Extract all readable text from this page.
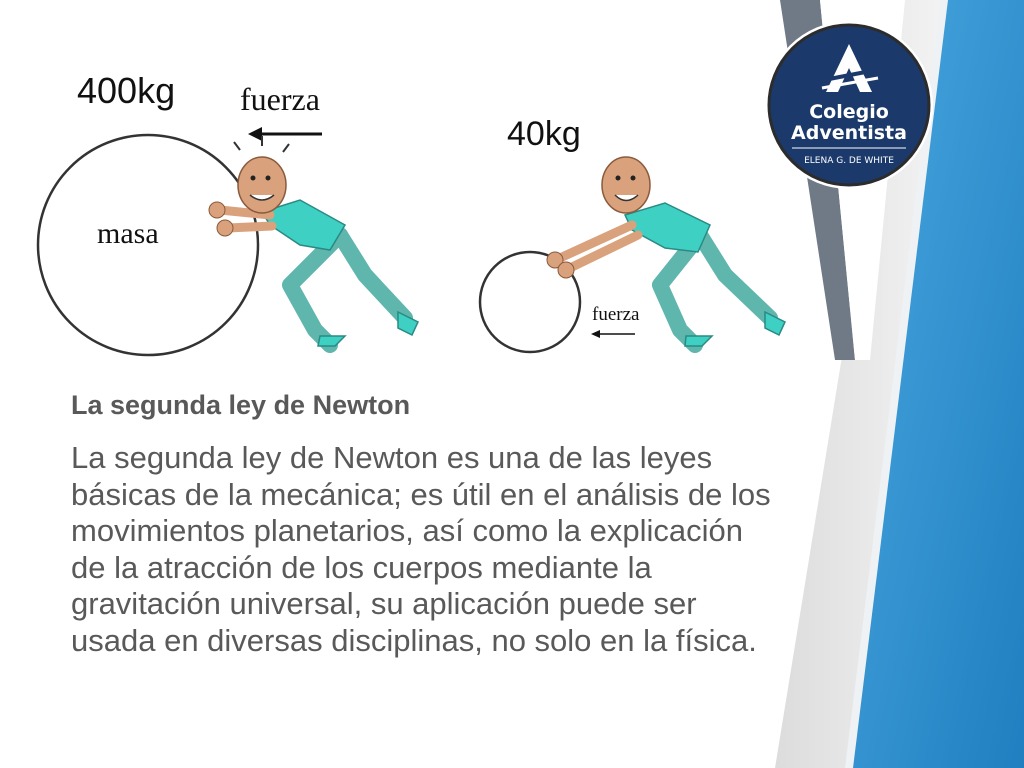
400kg fuerza
masa
40kg
fuerza
Colegio
Adventista
ELENA G. DE WHITE
La segunda ley de Newton

La segunda ley de Newton es una de las leyes básicas de la mecánica; es útil en el análisis de los movimientos planetarios, así como la explicación de la atracción de los cuerpos mediante la gravitación universal, su aplicación puede ser usada en diversas disciplinas, no solo en la física.
